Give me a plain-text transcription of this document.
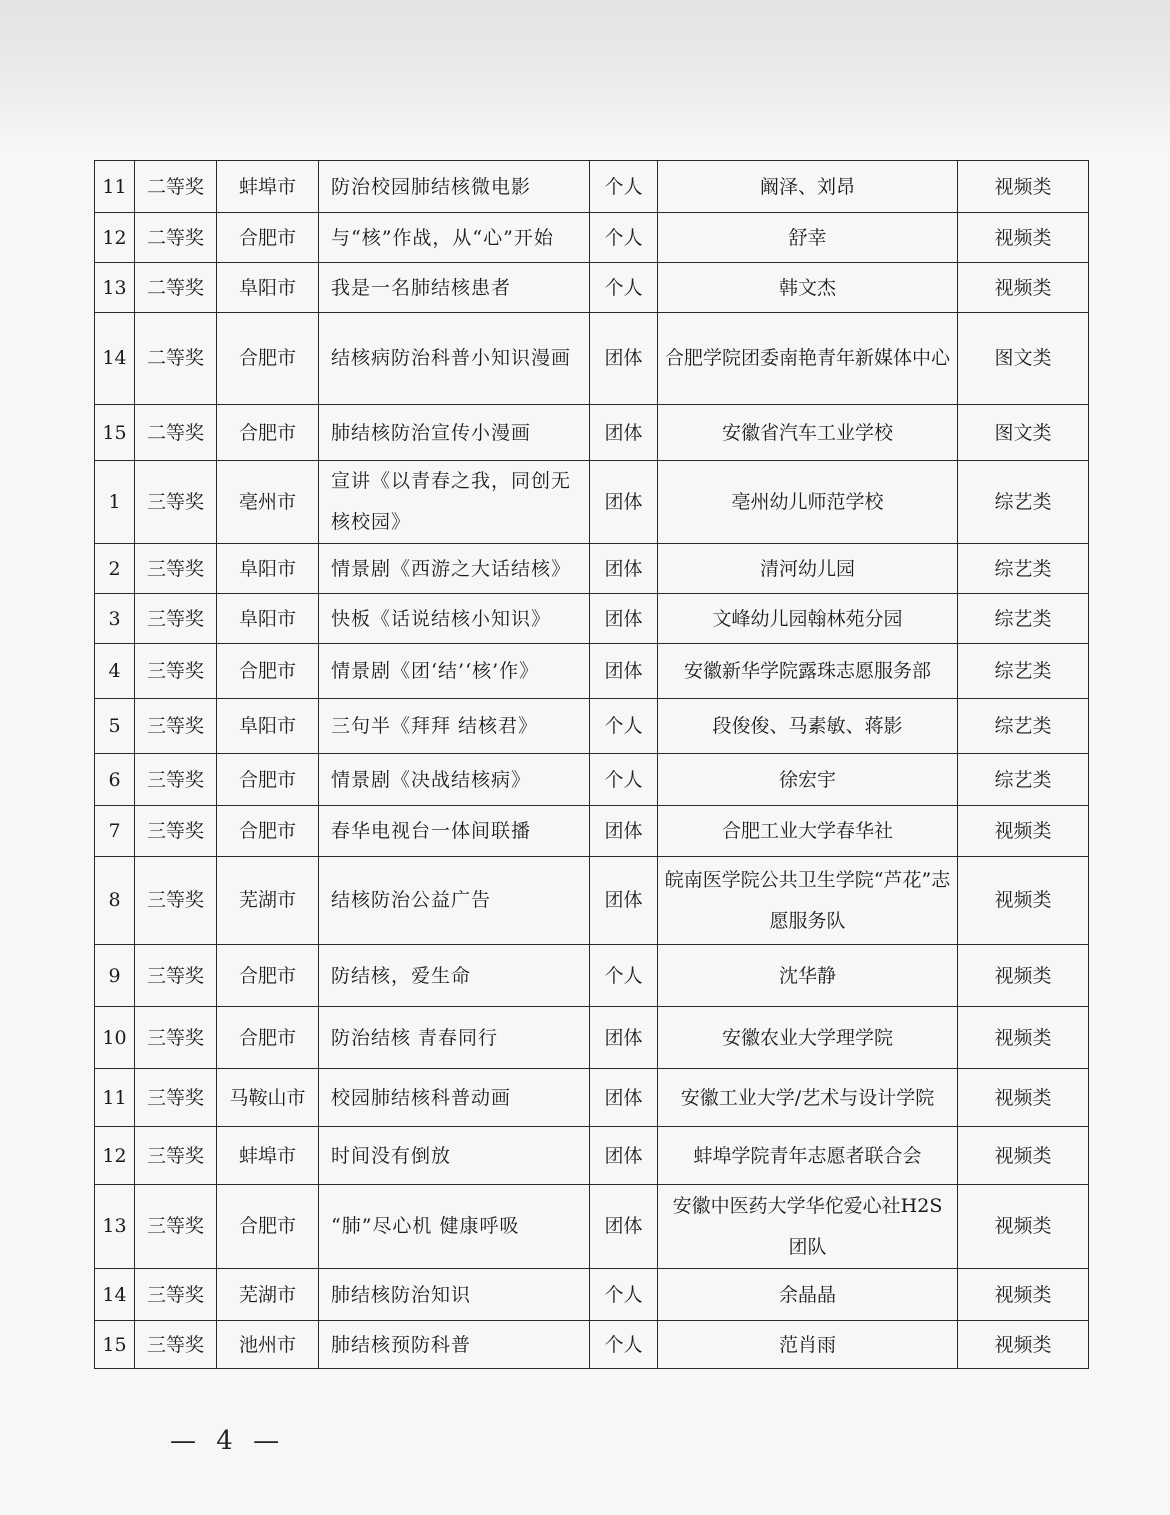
11	二等奖	蚌埠市	防治校园肺结核微电影	个人	阚泽、刘昂	视频类
12	二等奖	合肥市	与“核”作战，从“心”开始	个人	舒幸	视频类
13	二等奖	阜阳市	我是一名肺结核患者	个人	韩文杰	视频类
14	二等奖	合肥市	结核病防治科普小知识漫画	团体	合肥学院团委南艳青年新媒体中心	图文类
15	二等奖	合肥市	肺结核防治宣传小漫画	团体	安徽省汽车工业学校	图文类
1	三等奖	亳州市	宣讲《以青春之我，同创无核校园》	团体	亳州幼儿师范学校	综艺类
2	三等奖	阜阳市	情景剧《西游之大话结核》	团体	清河幼儿园	综艺类
3	三等奖	阜阳市	快板《话说结核小知识》	团体	文峰幼儿园翰林苑分园	综艺类
4	三等奖	合肥市	情景剧《团‘结’‘核’作》	团体	安徽新华学院露珠志愿服务部	综艺类
5	三等奖	阜阳市	三句半《拜拜 结核君》	个人	段俊俊、马素敏、蒋影	综艺类
6	三等奖	合肥市	情景剧《决战结核病》	个人	徐宏宇	综艺类
7	三等奖	合肥市	春华电视台一体间联播	团体	合肥工业大学春华社	视频类
8	三等奖	芜湖市	结核防治公益广告	团体	皖南医学院公共卫生学院“芦花”志愿服务队	视频类
9	三等奖	合肥市	防结核，爱生命	个人	沈华静	视频类
10	三等奖	合肥市	防治结核 青春同行	团体	安徽农业大学理学院	视频类
11	三等奖	马鞍山市	校园肺结核科普动画	团体	安徽工业大学/艺术与设计学院	视频类
12	三等奖	蚌埠市	时间没有倒放	团体	蚌埠学院青年志愿者联合会	视频类
13	三等奖	合肥市	“肺”尽心机 健康呼吸	团体	安徽中医药大学华佗爱心社H2S团队	视频类
14	三等奖	芜湖市	肺结核防治知识	个人	余晶晶	视频类
15	三等奖	池州市	肺结核预防科普	个人	范肖雨	视频类
— 4 —
